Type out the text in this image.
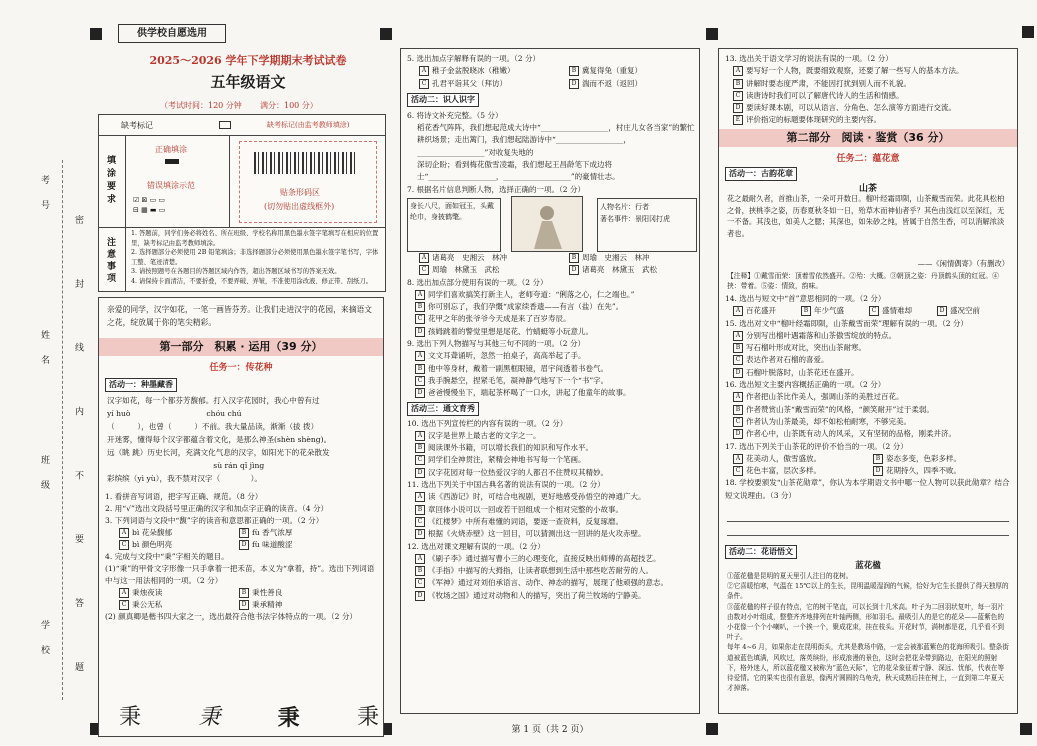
考号
姓名
班级
学校	密 封 线 内 不 要 答 题
供学校自愿选用
2025～2026 学年下学期期末考试试卷
五年级语文
（考试时间：120 分钟 满分：100 分）
缺考标记	缺考标记(由监考教师填涂)
填涂要求
正确填涂
错误填涂示范
☑ ⊠ ▭ ▭
⊟ ▦ ▬ ▭
贴条形码区
(切勿贴出虚线框外)
注意事项
1. 答题前，同学们务必将姓名、所在班级、学校名称用黑色墨水签字笔填写在相应的位置里，缺考标记由监考教师填涂。
2. 选择题部分必须使用 2B 铅笔填涂；非选择题部分必须使用黑色墨水签字笔书写，字体工整、笔迹清楚。
3. 请按照题号在各题目的答题区域内作答，超出答题区域书写的答案无效。
4. 请保持卡面清洁，不要折叠，不要弄破、弄皱，不准使用涂改液、修正带、刮纸刀。
亲爱的同学，汉字如花，一笔一画皆芬芳。让我们走进汉字的花园，来摘语文之花，绽放属于你的笔尖精彩。
第一部分　积累 · 运用（39 分）
任务一：传花种
活动一：种墨藏香
汉字如花，每一个都芬芳馥郁。打入汉字花园时，我心中曾有过
yí huò　　　　　　　　　　chóu chú
（　　　），也曾（　　　）不前。我大量品读，渐渐（拔 拨）
开迷雾，懂得每个汉字都蕴含着文化，是那么神圣(shèn shèng)。
远（眺 跳）历史长河，充满文化气息的汉字，如阳光下的花朵散发
　　　　　　　　　　　　　　sù rán qǐ jìng
彩缤缤（yì yù），我不禁对汉字（　　　　）。
1. 看拼音写词语，把字写正确、规范。（8 分）
2. 用“√”选出文段括号里正确的汉字和加点字正确的读音。（4 分）
3. 下列词语与文段中“馥”字的读音和意思都正确的一项。（2 分）
A bì 花朵馥郁	B fù 香气浓厚
C bì 颜色明亮	D fù 味道酸涩
4. 完成与文段中“秉”字相关的题目。
(1)“秉”的甲骨文字形像一只手拿着一把禾苗，本义为“拿着，持”。选出下列词语中与这一用法相同的一项。（2 分）
A 秉烛夜读	B 秉性善良
C 秉公无私	D 秉承精神
(2) 颜真卿是楷书四大家之一，选出最符合他书法字体特点的一项。（2 分）
秉	秉	秉	秉
5. 选出加点字解释有误的一项。（2 分）
A 稚子金盆脱晓冰（稚嫩）	B 冀复得兔（重复）
C 孔君平诣其父（拜访）	D 湍而不返（返回）
活动二：识人识字
6. 将诗文补充完整。（5 分）
稻花香气阵阵，我们想起范成大诗中“__________________，村庄儿女各当家”的繁忙耕织场景；走出篱门，我们想起陆游诗中“__________________，__________________”对收复失地的
深切企盼；看到梅花傲雪凌霜，我们想起王昌龄笔下成边将士“__________________，__________________”的豪情壮志。
7. 根据名片信息判断人物，选择正确的一项。（2 分）
身长八尺，面如冠玉，头戴纶巾，身披鹤氅。
人物名片：行者
著名事件：景阳冈打虎
A 诸葛亮　史湘云　林冲	B 周瑜　史湘云　林冲
C 周瑜　林黛玉　武松	D 诸葛亮　林黛玉　武松
8. 选出加点部分使用有误的一项。（2 分）
A 同学们喜欢搞笑打新主人，老师夸道：“俐落之心，仁之端也。”
B 你可别忘了，我们孕慨“成家续香遗——有言（盐）在先”。
C 花甲之年的张爷爷今天成是来了百岁寿辰。
D 孩姆跳着的警觉里想是尾花、竹蜻蜓等小玩意儿。
9. 选出下列人物描写与其他三句不同的一项。（2 分）
A 文文耳聋诵听，忽然一拍桌子，高高举起了手。
B 他中等身材，戴着一副黑框眼镜，眉宇间透着书卷气。
C 我手腕悬空，捏紧毛笔，凝神静气地写下一个“书”字。
D 爸爸慢慢坐下，端起茶杯喝了一口水，讲起了他童年的故事。
活动三：通文育秀
10. 选出下列宣传栏的内容有误的一项。（2 分）
A 汉字是世界上最古老的文字之一。
B 阅读课外书籍，可以增长我们的知识和写作水平。
C 同学们全神贯注，紧精会神地书写每一个笔画。
D 汉字花园对每一位热爱汉字的人都召不住赞叹其精妙。
11. 选出下列关于中国古典名著的说法有误的一项。（2 分）
A 读《西游记》时，可结合电视剧，更好地感受孙悟空的神通广大。
B 章回体小说可以一回或若干回组成一个相对完整的小故事。
C 《红楼梦》中所有难懂的词语，要逐一查资料，反复琢磨。
D 根据《火烧赤壁》这一回目，可以猜测出这一回讲的是火攻赤壁。
12. 选出对课文理解有误的一项。（2 分）
A 《刷子李》通过描写曹小三的心理变化，直接反映出师傅的高超技艺。
B 《手指》中描写的大拇指，让读者联想到生活中那些吃苦耐劳的人。
C 《军神》通过对刘伯承语言、动作、神态的描写，展现了他顽强的意志。
D 《牧场之国》通过对动物和人的描写，突出了荷兰牧场的宁静美。
第 1 页（共 2 页）
13. 选出关于语文学习的说法有误的一项。（2 分）
A 要写好一个人物，既要细致观察，还要了解一些写人的基本方法。
B 讲解时要态度严肃，不能因打扰到别人而不礼貌。
C 读唐诗时我们可以了解唐代诗人的生活和情感。
D 要读好课本剧，可以从语言、分角色、怎么演等方面进行交流。
E 评价指定的标题要体现研究的主要内容。
第二部分　阅读 · 鉴赏（36 分）
任务二：蕴花意
活动一：古韵花章
山茶
花之最耐久者，首推山茶，一朵可开数日。榴叶经霜即陨，山茶戴雪而荣。此花具松柏之骨，挟桃李之姿，历春夏秋冬如一日，殆草木而神仙者乎？其色由浅红以至深红，无一不备。其浅也，如美人之腮；其深也，如朱砂之纯，皆属于自然生香，可以消解浓淡者也。
——《闲情偶寄》（有删改）
【注释】①戴雪而荣：顶着雪依然盛开。②殆：大概。③朝顶之姿：丹顶鹤头顶的红冠。④挟：带着。⑤姿：情致，韵味。
14. 选出与短文中“首”意思相同的一项。（2 分）
A 百花盛开	B 年少气盛	C 盛情难却	D 盛况空前
15. 选出对文中“榴叶经霜即陨，山茶戴雪而荣”理解有误的一项。（2 分）
A 分别写出榴叶遇霜落和山茶傲雪绽放的特点。
B 写石榴叶形成对比，突出山茶耐寒。
C 表达作者对石榴的喜爱。
D 石榴叶脱落时，山茶花还在盛开。
16. 选出短文主要内容概括正确的一项。（2 分）
A 作者把山茶比作美人，强调山茶的美胜过百花。
B 作者赞赏山茶“戴雪而荣”的风格，“颜笑耐开”过于柔弱。
C 作者认为山茶最美，却不如松柏耐寒，不够完美。
D 作者心中，山茶既有动人的风采，又有坚韧的品格，刚柔并济。
17. 选出下列关于山茶花的评价不恰当的一项。（2 分）
A 花美动人，傲雪盛放。	B 姿态多变，色彩多样。
C 花色丰富，层次多样。	D 花期持久，四季不败。
18. 学校要颁发“山茶花勋章”，你认为本学期语文书中哪一位人物可以获此勋章？结合短文说理由。（3 分）
活动二：花语悟文
蓝花楹
①蓝花楹是昆明的夏天里引人注目的花树。
②它喜暖怕寒，气温在 15℃以上的生长，昆明温暖湿润的气候，恰好为它生长提供了得天独厚的条件。
③蓝花楹的样子很有特点，它的树干笔直，可以长到十几米高。叶子为二回羽状复叶，每一羽片由数对小叶组成，整整齐齐地排列在叶轴两侧，形如羽毛。最吸引人的是它的花朵——蓝紫色的小花像一个个小喇叭，一个挨一个，聚成花束，挂在枝头。开花时节，满树都是花，几乎看不到叶子。
每年 4~6 月，如果你走在昆明街头，尤其是教场中路，一定会被那蓝紫色的花海所吸引。整条街道被蓝色填满，风吹过，落英缤纷，形成浪漫的景色，这时会把花朵带到路边，在阳光的照射下，格外迷人，所以蓝花楹又被称为“蓝色天际”，它的花朵象征着宁静、深远、忧郁，代表在等待爱情。它的果实也很有意思，像两片圆圆的乌龟壳，秋天成熟后挂在树上，一直到第二年夏天才掉落。
